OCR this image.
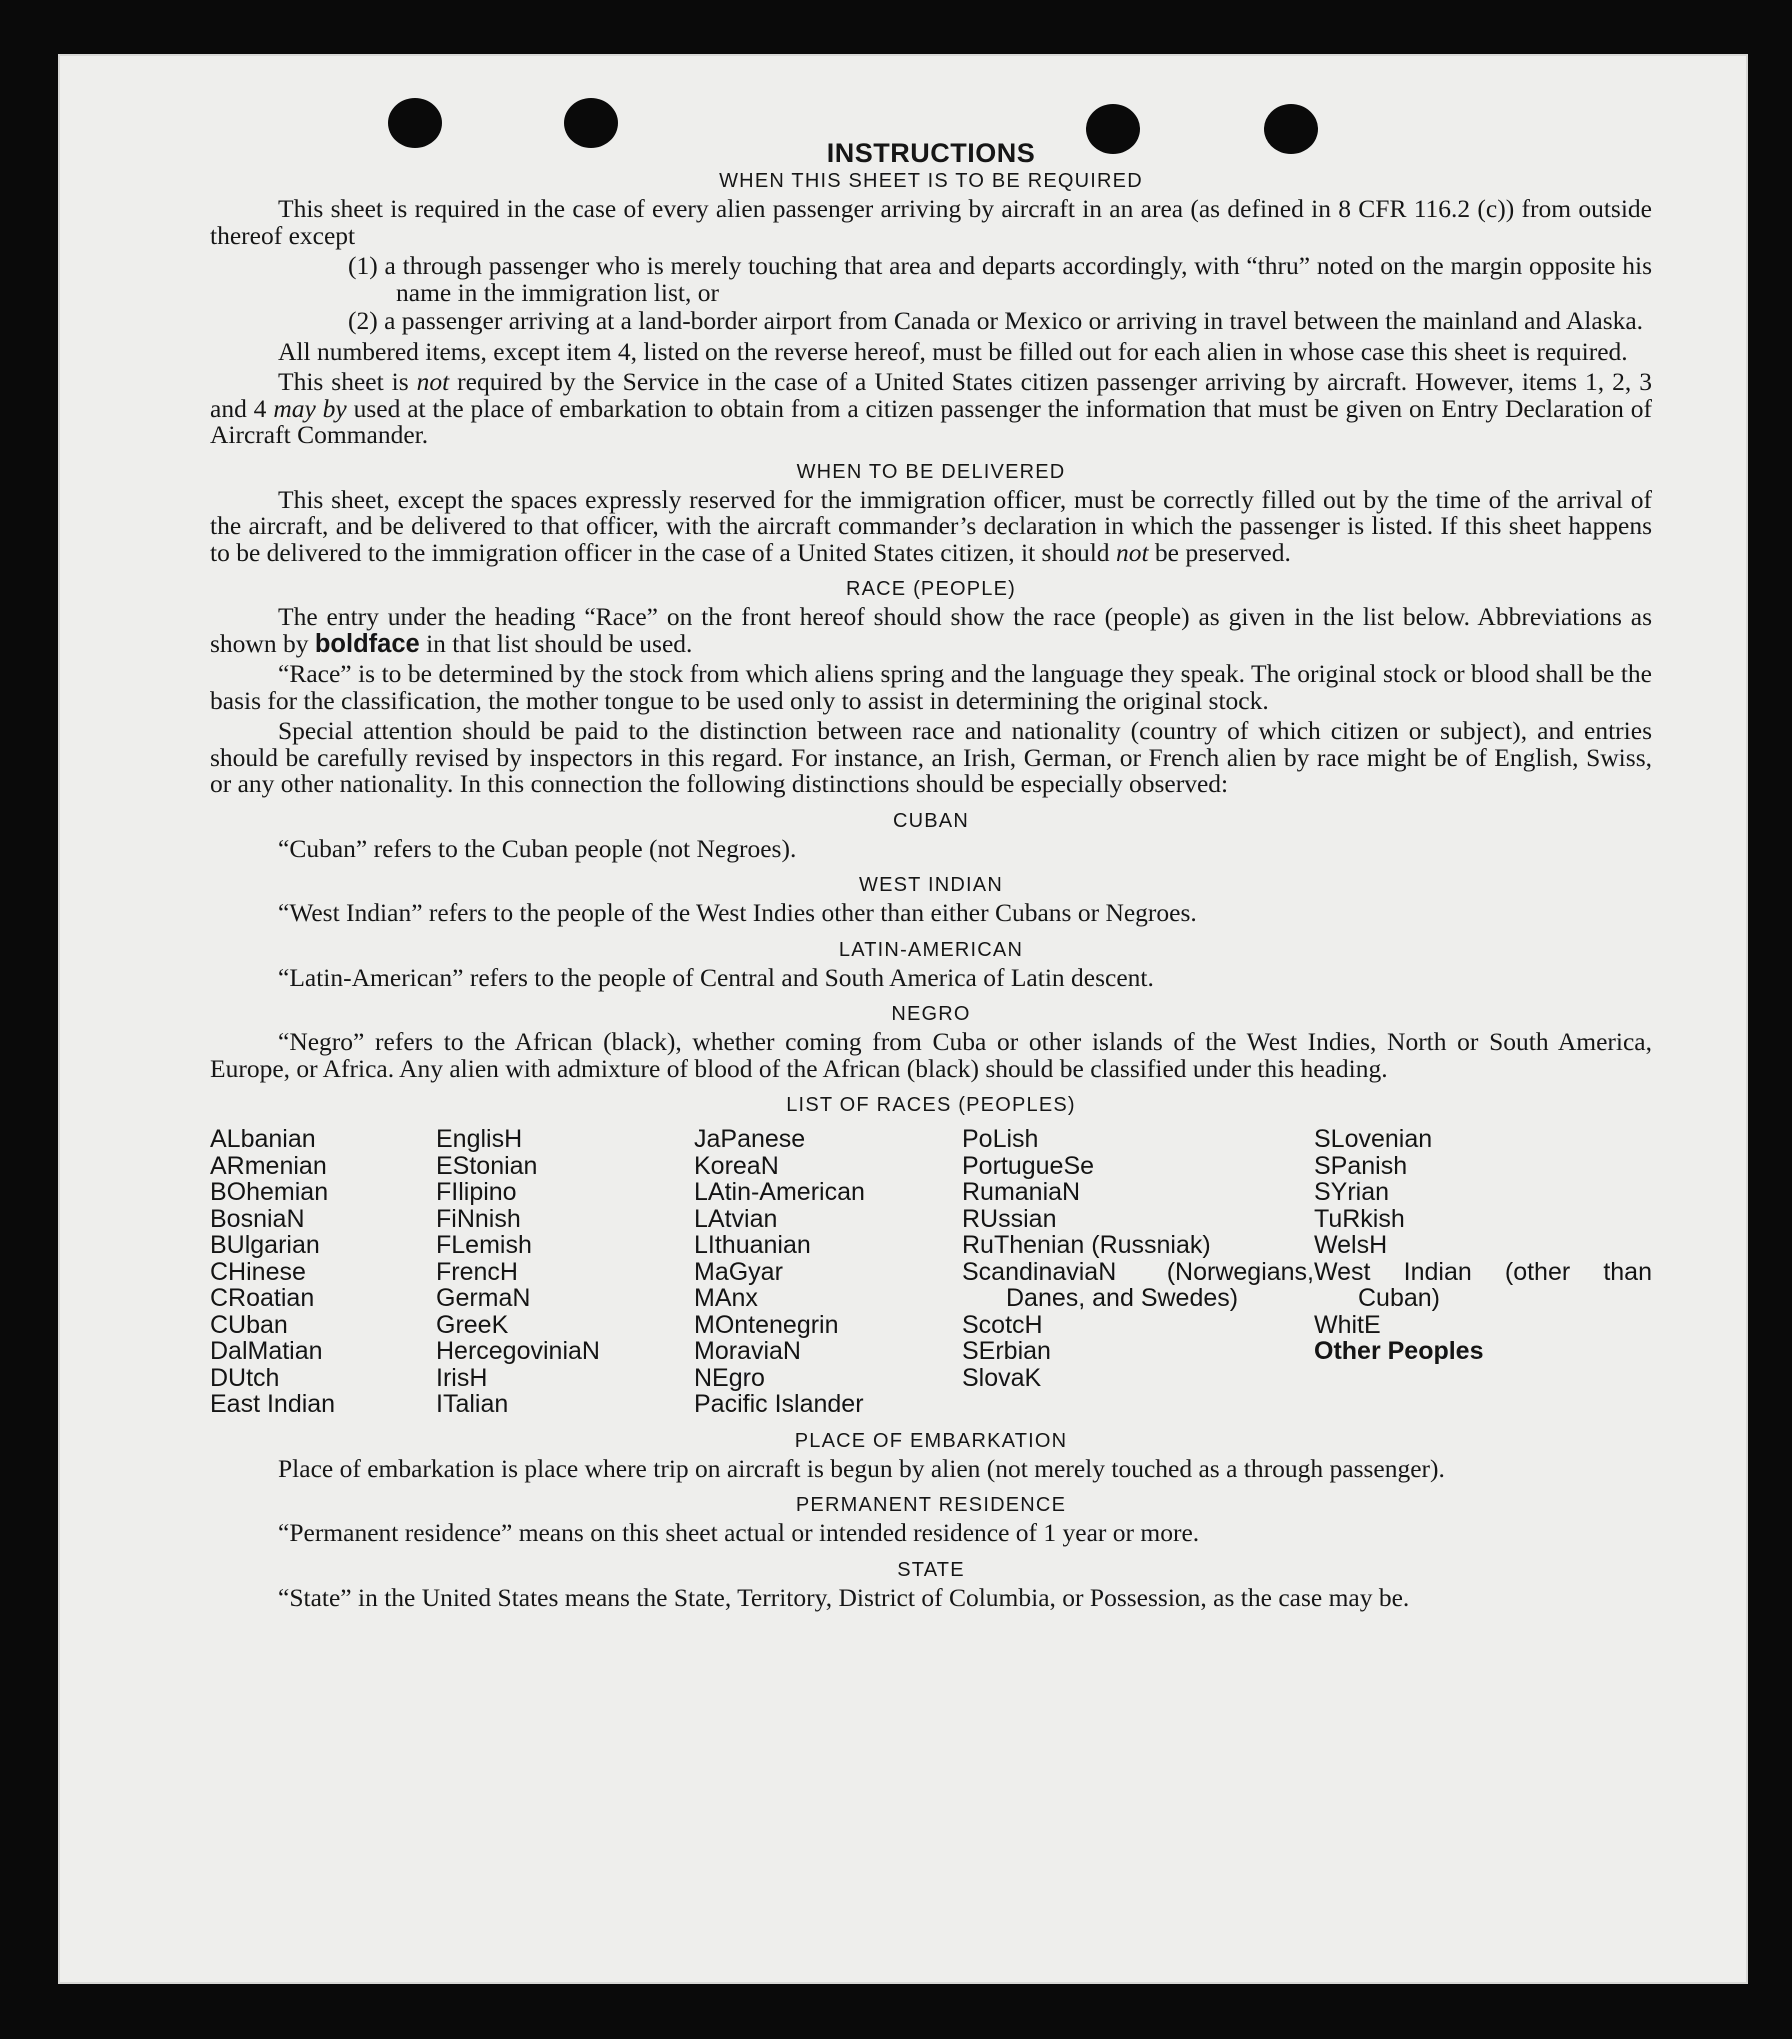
INSTRUCTIONS
WHEN THIS SHEET IS TO BE REQUIRED

This sheet is required in the case of every alien passenger arriving by aircraft in an area (as defined in 8 CFR 116.2 (c)) from outside thereof except

(1) a through passenger who is merely touching that area and departs accordingly, with “thru” noted on the margin opposite his name in the immigration list, or
(2) a passenger arriving at a land-border airport from Canada or Mexico or arriving in travel between the mainland and Alaska.

All numbered items, except item 4, listed on the reverse hereof, must be filled out for each alien in whose case this sheet is required.

This sheet is not required by the Service in the case of a United States citizen passenger arriving by aircraft. However, items 1, 2, 3 and 4 may by used at the place of embarkation to obtain from a citizen passenger the information that must be given on Entry Declaration of Aircraft Commander.

WHEN TO BE DELIVERED

This sheet, except the spaces expressly reserved for the immigration officer, must be correctly filled out by the time of the arrival of the aircraft, and be delivered to that officer, with the aircraft commander’s declaration in which the passenger is listed. If this sheet happens to be delivered to the immigration officer in the case of a United States citizen, it should not be preserved.

RACE (PEOPLE)

The entry under the heading “Race” on the front hereof should show the race (people) as given in the list below. Abbreviations as shown by boldface in that list should be used.

“Race” is to be determined by the stock from which aliens spring and the language they speak. The original stock or blood shall be the basis for the classification, the mother tongue to be used only to assist in determining the original stock.

Special attention should be paid to the distinction between race and nationality (country of which citizen or subject), and entries should be carefully revised by inspectors in this regard. For instance, an Irish, German, or French alien by race might be of English, Swiss, or any other nationality. In this connection the following distinctions should be especially observed:

CUBAN

“Cuban” refers to the Cuban people (not Negroes).

WEST INDIAN

“West Indian” refers to the people of the West Indies other than either Cubans or Negroes.

LATIN-AMERICAN

“Latin-American” refers to the people of Central and South America of Latin descent.

NEGRO

“Negro” refers to the African (black), whether coming from Cuba or other islands of the West Indies, North or South America, Europe, or Africa. Any alien with admixture of blood of the African (black) should be classified under this heading.

LIST OF RACES (PEOPLES)
ALbanian
ARmenian
BOhemian
BosniaN
BUlgarian
CHinese
CRoatian
CUban
DalMatian
DUtch
East Indian
EnglisH
EStonian
FIlipino
FiNnish
FLemish
FrencH
GermaN
GreeK
HercegoviniaN
IrisH
ITalian
JaPanese
KoreaN
LAtin-American
LAtvian
LIthuanian
MaGyar
MAnx
MOntenegrin
MoraviaN
NEgro
Pacific Islander
PoLish
PortugueSe
RumaniaN
RUssian
RuThenian (Russniak)
ScandinaviaN (Norwegians, Danes, and Swedes)
ScotcH
SErbian
SlovaK
SLovenian
SPanish
SYrian
TuRkish
WelsH
West Indian (other than Cuban)
WhitE
Other Peoples
PLACE OF EMBARKATION

Place of embarkation is place where trip on aircraft is begun by alien (not merely touched as a through passenger).

PERMANENT RESIDENCE

“Permanent residence” means on this sheet actual or intended residence of 1 year or more.

STATE

“State” in the United States means the State, Territory, District of Columbia, or Possession, as the case may be.
